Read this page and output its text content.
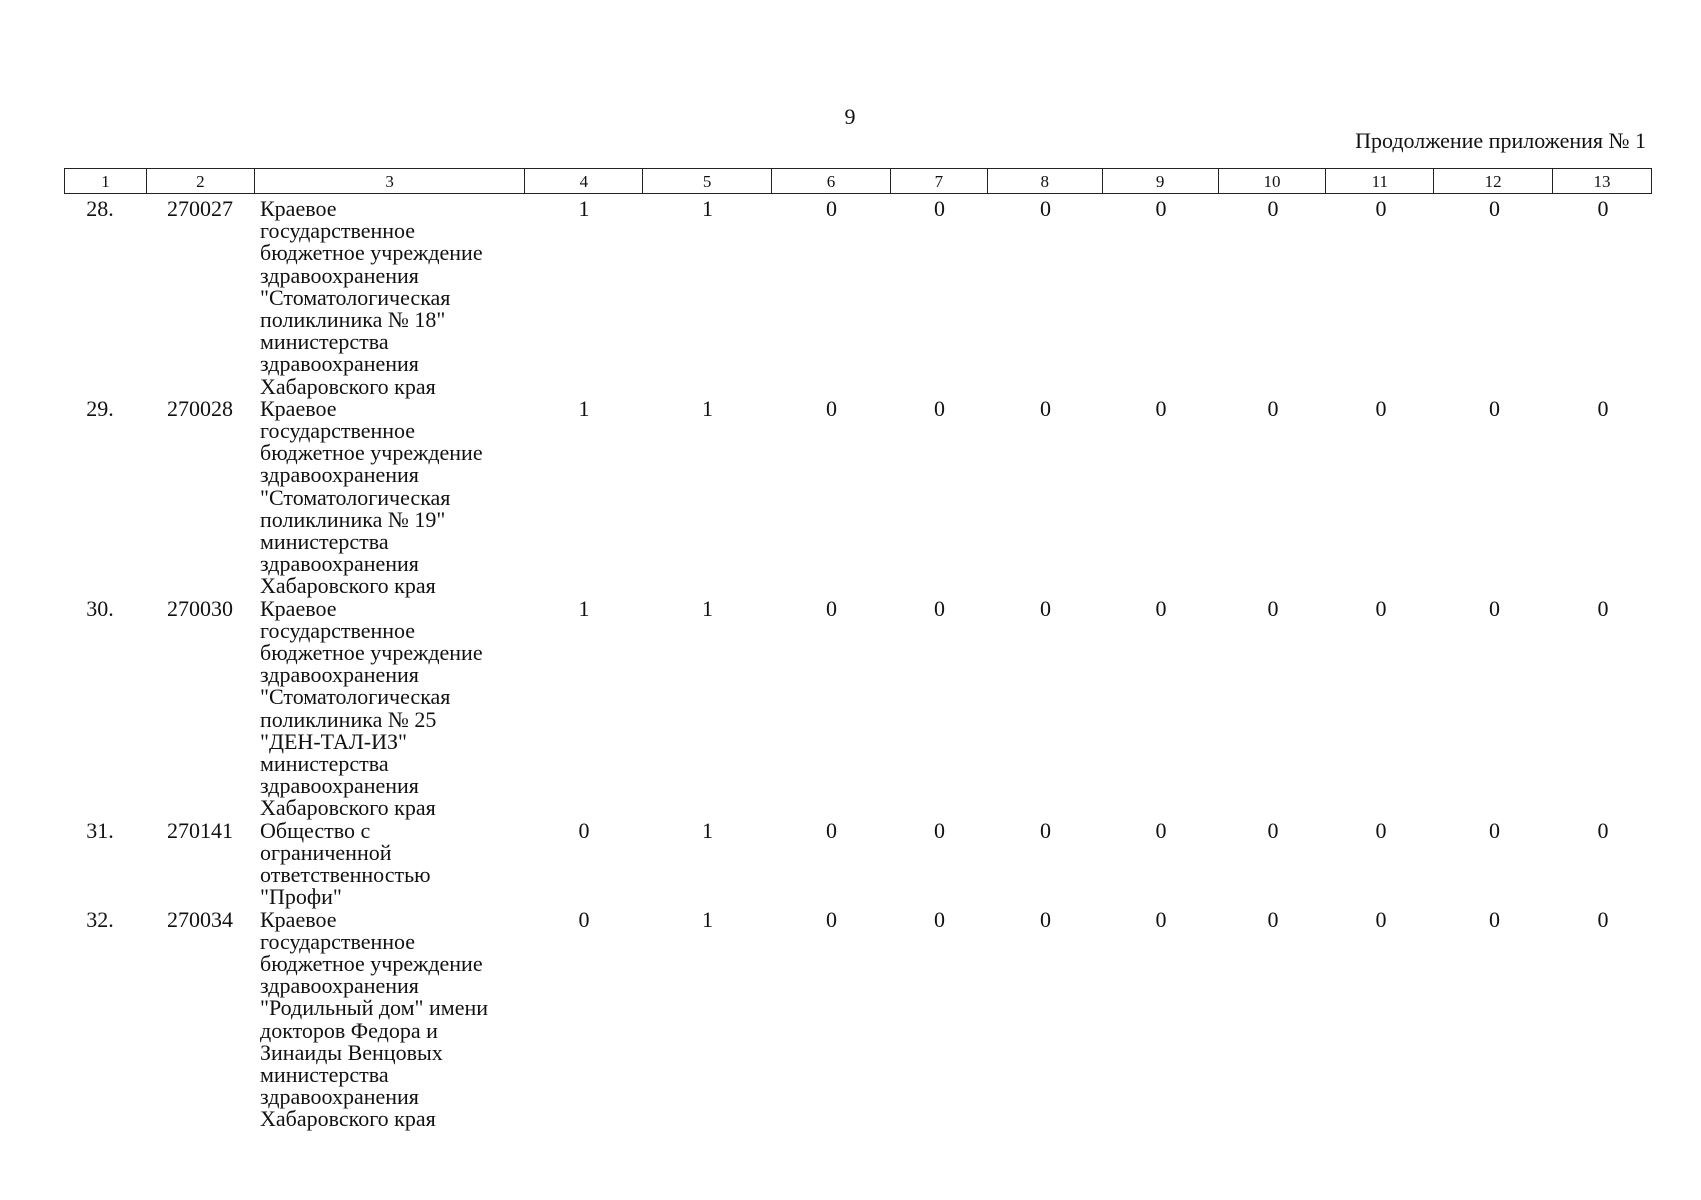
9
Продолжение приложения № 1
1	2	3	4	5	6	7	8	9	10	11	12	13
28.	270027	Краевое
государственное
бюджетное учреждение
здравоохранения
"Стоматологическая
поликлиника № 18"
министерства
здравоохранения
Хабаровского края
1	1	0	0	0	0	0	0	0	0
29.	270028	Краевое
государственное
бюджетное учреждение
здравоохранения
"Стоматологическая
поликлиника № 19"
министерства
здравоохранения
Хабаровского края
1	1	0	0	0	0	0	0	0	0
30.	270030	Краевое
государственное
бюджетное учреждение
здравоохранения
"Стоматологическая
поликлиника № 25
"ДЕН-ТАЛ-ИЗ"
министерства
здравоохранения
Хабаровского края
1	1	0	0	0	0	0	0	0	0
31.	270141	Общество с
ограниченной
ответственностью
"Профи"
0	1	0	0	0	0	0	0	0	0
32.	270034	Краевое
государственное
бюджетное учреждение
здравоохранения
"Родильный дом" имени
докторов Федора и
Зинаиды Венцовых
министерства
здравоохранения
Хабаровского края
0	1	0	0	0	0	0	0	0	0
